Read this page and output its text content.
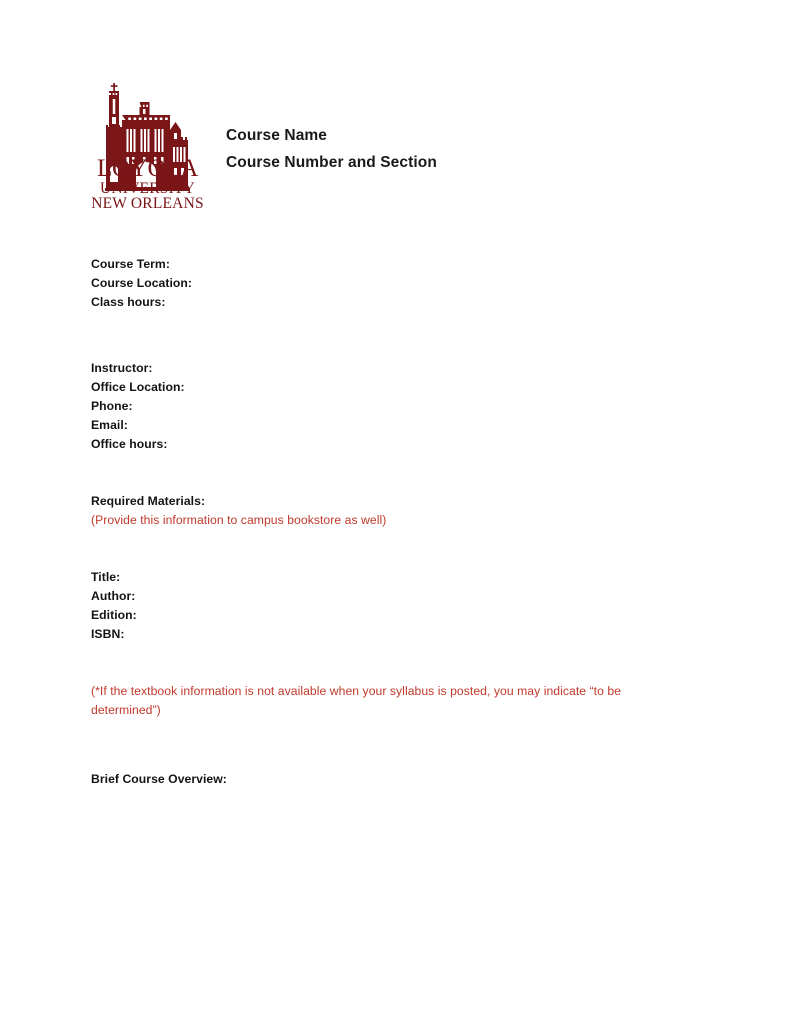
LOYOLA
UNIVERSITY
NEW ORLEANS
Course Name
Course Number and Section
Course Term:
Course Location:
Class hours:
Instructor:
Office Location:
Phone:
Email:
Office hours:
Required Materials:
(Provide this information to campus bookstore as well)
Title:
Author:
Edition:
ISBN:
(*If the textbook information is not available when your syllabus is posted, you may indicate “to be determined”)
Brief Course Overview:
